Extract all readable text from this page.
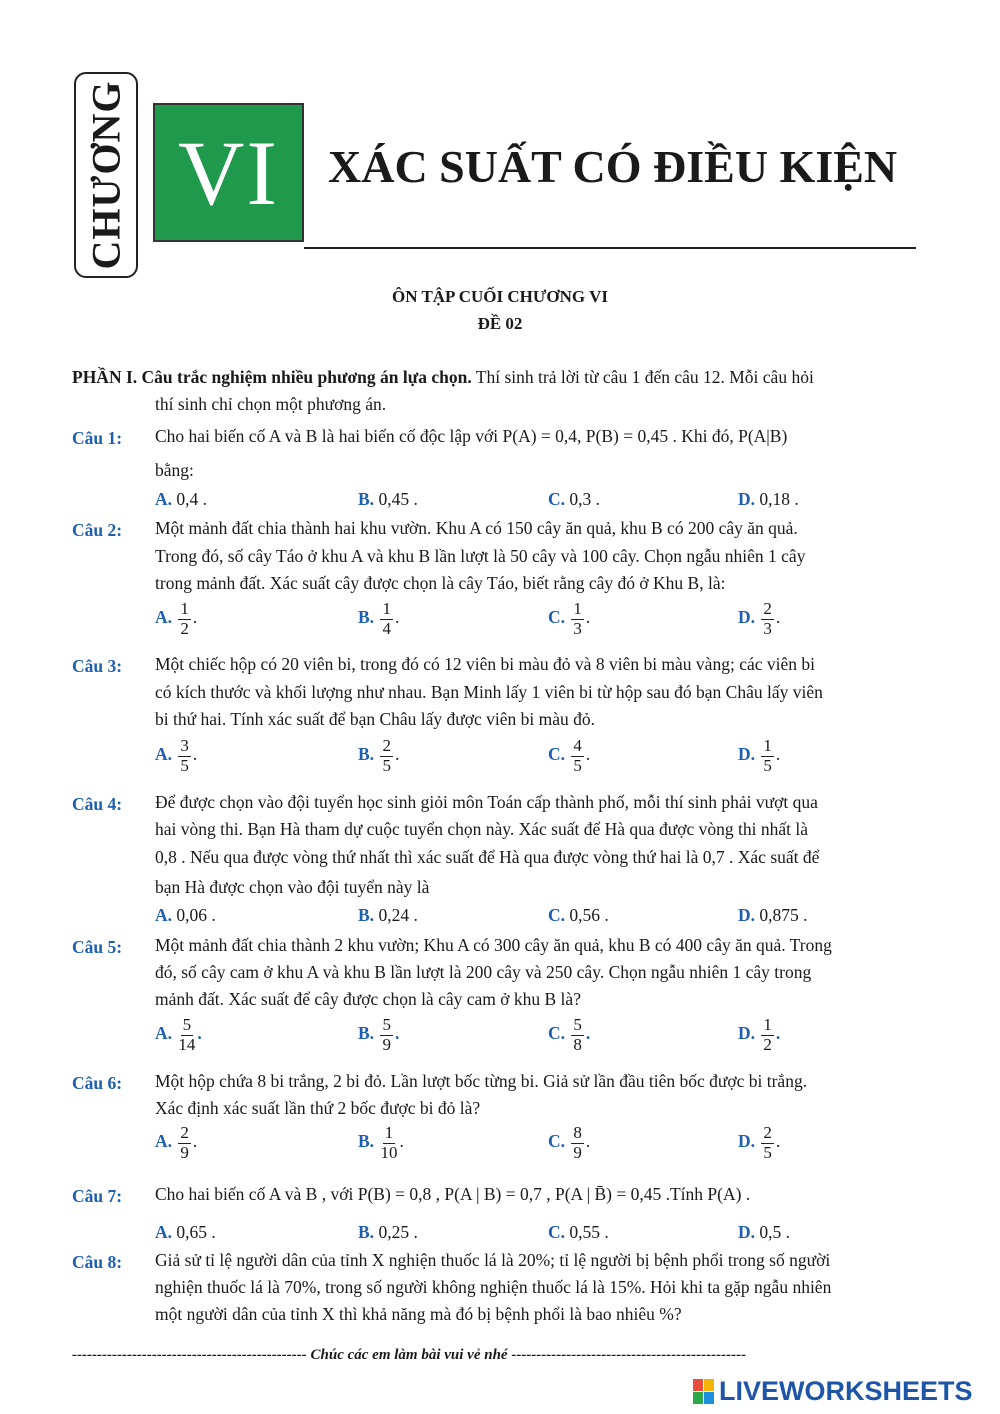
CHƯƠNG VI	XÁC SUẤT CÓ ĐIỀU KIỆN
ÔN TẬP CUỐI CHƯƠNG VI
ĐỀ 02
PHẦN I. Câu trắc nghiệm nhiều phương án lựa chọn. Thí sinh trả lời từ câu 1 đến câu 12. Mỗi câu hỏi
thí sinh chỉ chọn một phương án.
Câu 1: Cho hai biến cố A và B là hai biến cố độc lập với P(A) = 0,4, P(B) = 0,45 . Khi đó, P(A|B)
bằng:
A. 0,4 .	B. 0,45 .	C. 0,3 .	D. 0,18 .
Câu 2: Một mảnh đất chia thành hai khu vườn. Khu A có 150 cây ăn quả, khu B có 200 cây ăn quả.
Trong đó, số cây Táo ở khu A và khu B lần lượt là 50 cây và 100 cây. Chọn ngẫu nhiên 1 cây
trong mảnh đất. Xác suất cây được chọn là cây Táo, biết rằng cây đó ở Khu B, là:
A. $\frac{1}{2}$ .	B. $\frac{1}{4}$ .	C. $\frac{1}{3}$ .	D. $\frac{2}{3}$ .
Câu 3: Một chiếc hộp có 20 viên bi, trong đó có 12 viên bi màu đỏ và 8 viên bi màu vàng; các viên bi
có kích thước và khối lượng như nhau. Bạn Minh lấy 1 viên bi từ hộp sau đó bạn Châu lấy viên
bi thứ hai. Tính xác suất để bạn Châu lấy được viên bi màu đỏ.
A. $\frac{3}{5}$ .	B. $\frac{2}{5}$ .	C. $\frac{4}{5}$ .	D. $\frac{1}{5}$ .
Câu 4: Để được chọn vào đội tuyển học sinh giỏi môn Toán cấp thành phố, mỗi thí sinh phải vượt qua
hai vòng thi. Bạn Hà tham dự cuộc tuyển chọn này. Xác suất để Hà qua được vòng thi nhất là
0,8 . Nếu qua được vòng thứ nhất thì xác suất để Hà qua được vòng thứ hai là 0,7 . Xác suất để
bạn Hà được chọn vào đội tuyển này là
A. 0,06 .	B. 0,24 .	C. 0,56 .	D. 0,875 .
Câu 5: Một mảnh đất chia thành 2 khu vườn; Khu A có 300 cây ăn quả, khu B có 400 cây ăn quả. Trong
đó, số cây cam ở khu A và khu B lần lượt là 200 cây và 250 cây. Chọn ngẫu nhiên 1 cây trong
mảnh đất. Xác suất để cây được chọn là cây cam ở khu B là?
A. $\frac{5}{14}$ .	B. $\frac{5}{9}$ .	C. $\frac{5}{8}$ .	D. $\frac{1}{2}$ .
Câu 6: Một hộp chứa 8 bi trắng, 2 bi đỏ. Lần lượt bốc từng bi. Giả sử lần đầu tiên bốc được bi trắng.
Xác định xác suất lần thứ 2 bốc được bi đỏ là?
A. $\frac{2}{9}$ .	B. $\frac{1}{10}$ .	C. $\frac{8}{9}$ .	D. $\frac{2}{5}$ .
Câu 7: Cho hai biến cố A và B , với P(B) = 0,8 , P(A | B) = 0,7 , P(A | B̄) = 0,45 .Tính P(A) .
A. 0,65 .	B. 0,25 .	C. 0,55 .	D. 0,5 .
Câu 8: Giả sử tỉ lệ người dân của tỉnh X nghiện thuốc lá là 20%; tỉ lệ người bị bệnh phổi trong số người
nghiện thuốc lá là 70%, trong số người không nghiện thuốc lá là 15%. Hỏi khi ta gặp ngẫu nhiên
một người dân của tỉnh X thì khả năng mà đó bị bệnh phổi là bao nhiêu %?
----------------------------------------------- Chúc các em làm bài vui vẻ nhé -----------------------------------------------
LIVEWORKSHEETS
